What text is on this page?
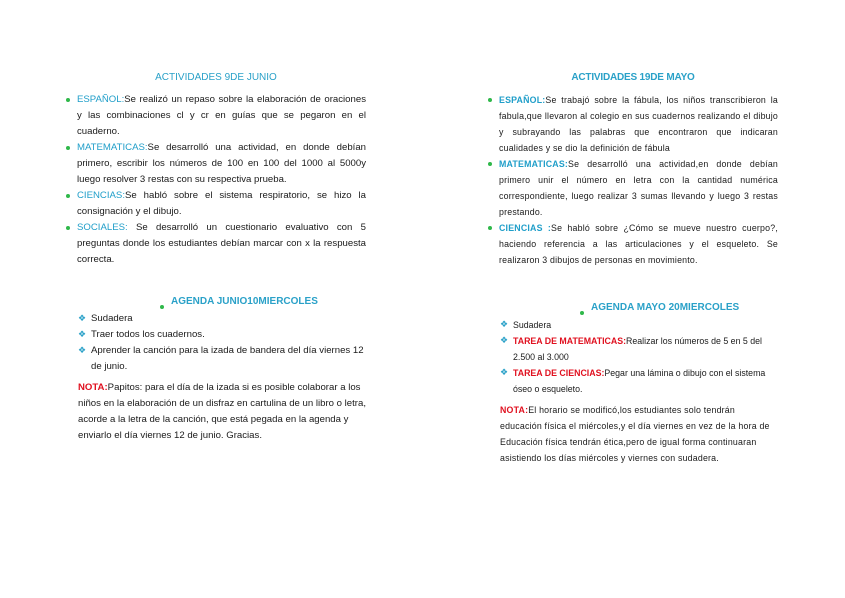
ACTIVIDADES 9DE JUNIO
ESPAÑOL:Se realizó un repaso sobre la elaboración de oraciones y las combinaciones cl y cr en guías que se pegaron en el cuaderno.
MATEMATICAS:Se desarrolló una actividad, en donde debían primero, escribir los números de 100 en 100 del 1000 al 5000y luego resolver 3 restas con su respectiva prueba.
CIENCIAS:Se habló sobre el sistema respiratorio, se hizo la consignación y el dibujo.
SOCIALES: Se desarrolló un cuestionario evaluativo con 5 preguntas donde los estudiantes debían marcar con x la respuesta correcta.
AGENDA JUNIO10MIERCOLES
❖ Sudadera
❖ Traer todos los cuadernos.
❖ Aprender la canción para la izada de bandera del día viernes 12 de junio.
NOTA:Papitos: para el día de la izada si es posible colaborar a los niños en la elaboración de un disfraz en cartulina de un libro o letra, acorde a la letra de la canción, que está pegada en la agenda y enviarlo el día viernes 12 de junio. Gracias.
ACTIVIDADES 19DE MAYO
ESPAÑOL:Se trabajó sobre la fábula, los niños transcribieron la fabula,que llevaron al colegio en sus cuadernos realizando el dibujo y subrayando las palabras que encontraron que indicaran cualidades y se dio la definición de fábula
MATEMATICAS:Se desarrolló una actividad,en donde debían primero unir el número en letra con la cantidad numérica correspondiente, luego realizar 3 sumas llevando y luego 3 restas prestando.
CIENCIAS :Se habló sobre ¿Cómo se mueve nuestro cuerpo?, haciendo referencia a las articulaciones y el esqueleto. Se realizaron 3 dibujos de personas en movimiento.
AGENDA MAYO 20MIERCOLES
❖ Sudadera
❖ TAREA DE MATEMATICAS:Realizar los números de 5 en 5 del 2.500 al 3.000
❖ TAREA DE CIENCIAS:Pegar una lámina o dibujo con el sistema óseo o esqueleto.
NOTA:El horario se modificó,los estudiantes solo tendrán educación física el miércoles,y el día viernes en vez de la hora de Educación física tendrán ética,pero de igual forma continuaran asistiendo los días miércoles y viernes con sudadera.
